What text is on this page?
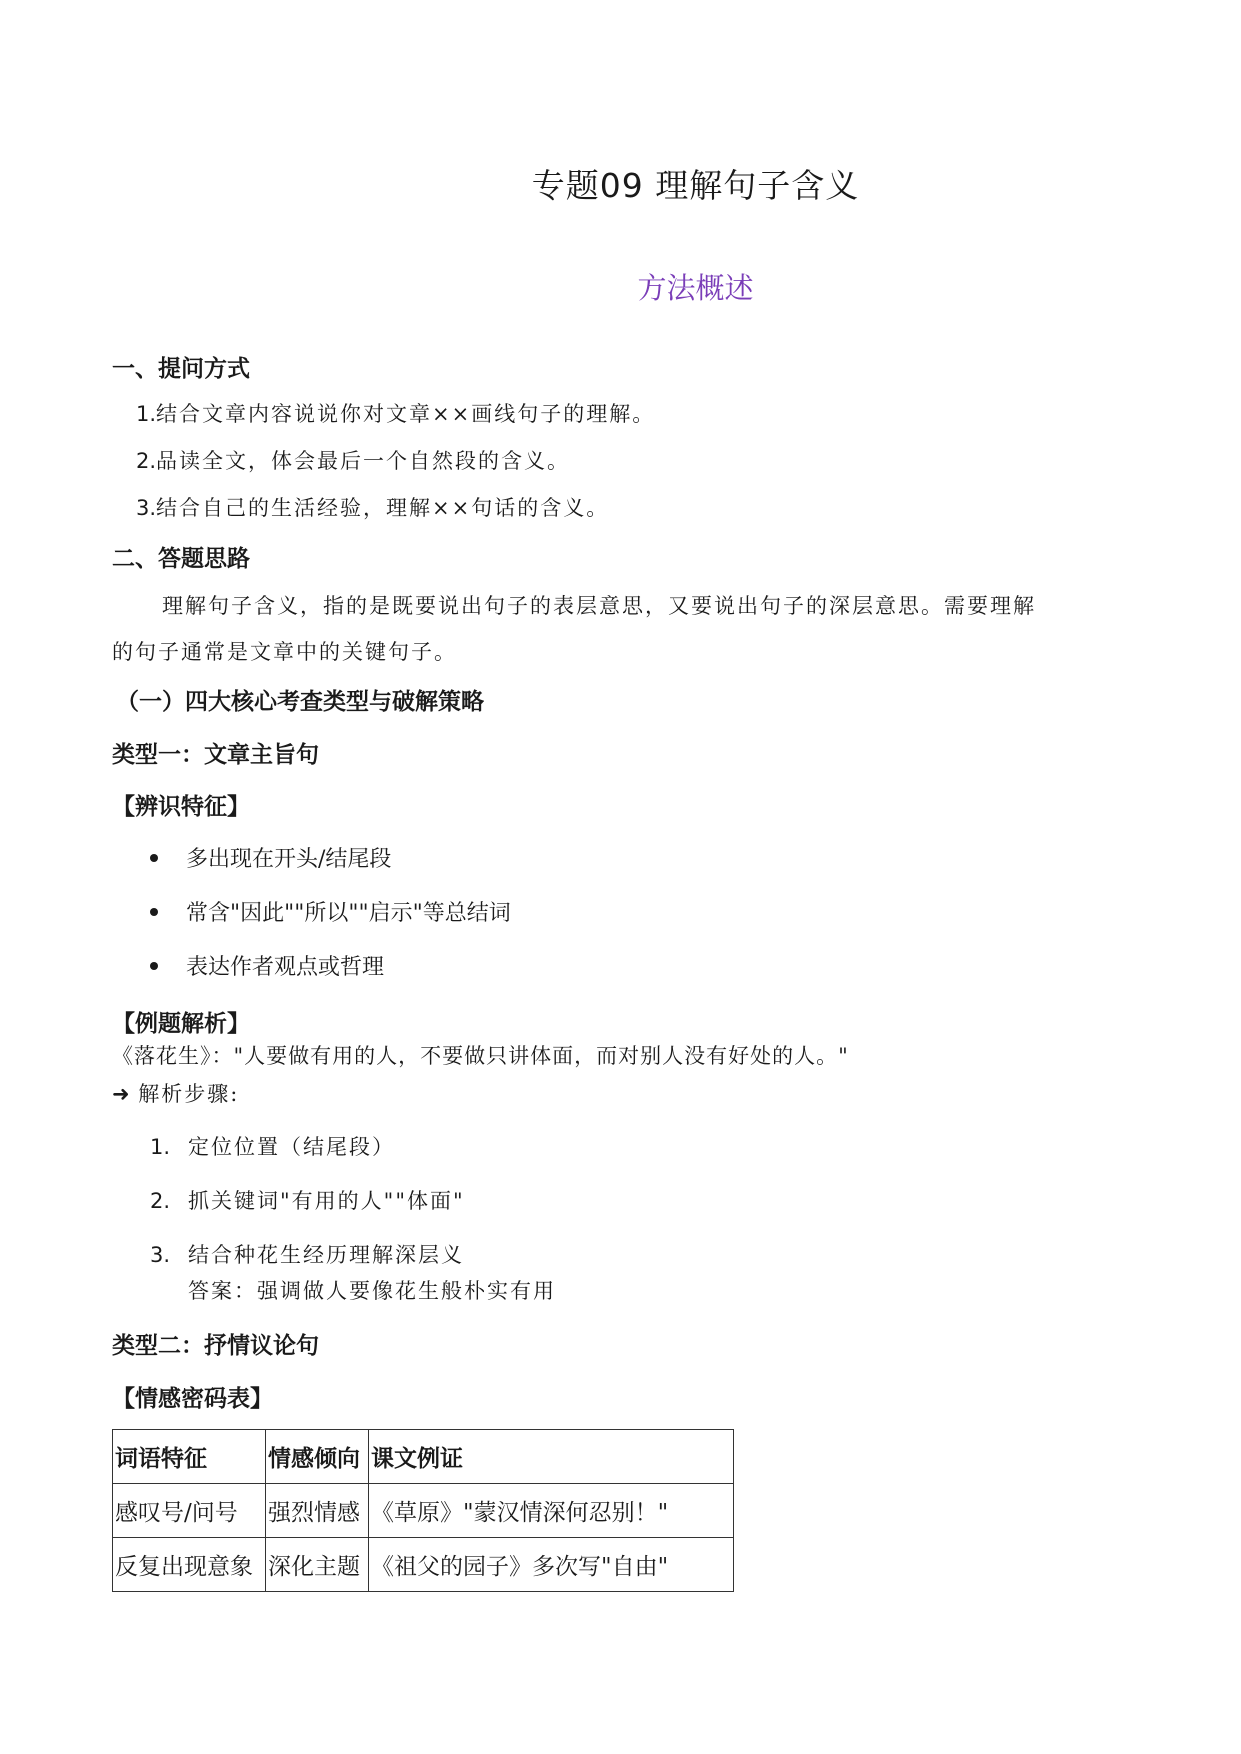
专题09 理解句子含义
方法概述
一、提问方式
1.结合文章内容说说你对文章××画线句子的理解。
2.品读全文，体会最后一个自然段的含义。
3.结合自己的生活经验，理解××句话的含义。
二、答题思路
理解句子含义，指的是既要说出句子的表层意思，又要说出句子的深层意思。需要理解
的句子通常是文章中的关键句子。
（一）四大核心考查类型与破解策略
类型一：文章主旨句
【辨识特征】
多出现在开头/结尾段
常含"因此""所以""启示"等总结词
表达作者观点或哲理
【例题解析】
《落花生》："人要做有用的人，不要做只讲体面，而对别人没有好处的人。"
➜ 解析步骤:
1. 定位位置（结尾段）
2. 抓关键词"有用的人""体面"
3. 结合种花生经历理解深层义
答案：强调做人要像花生般朴实有用
类型二：抒情议论句
【情感密码表】
词语特征	情感倾向	课文例证
感叹号/问号	强烈情感	《草原》"蒙汉情深何忍别！"
反复出现意象	深化主题	《祖父的园子》多次写"自由"
